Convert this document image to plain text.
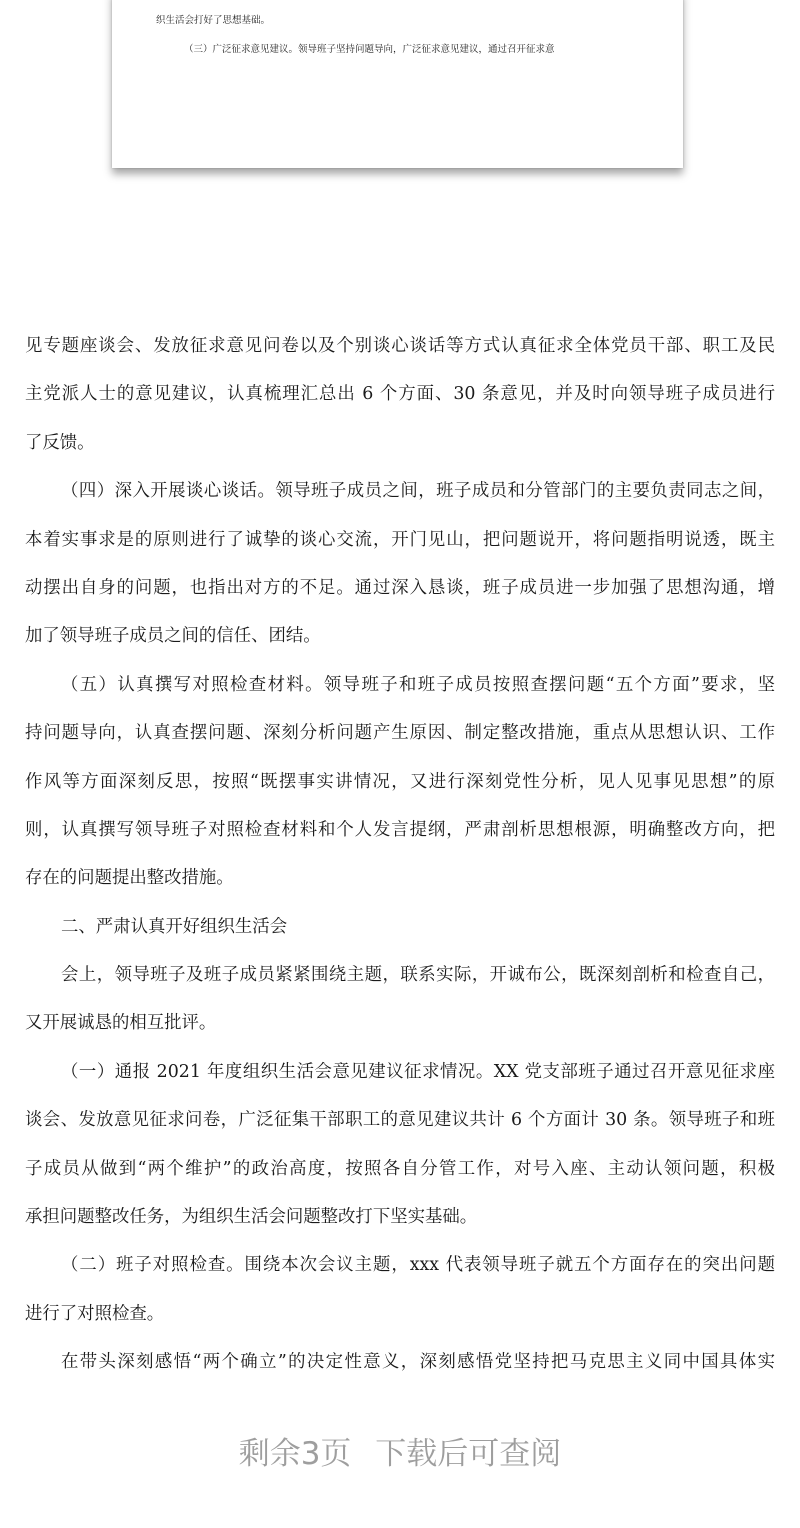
织生活会打好了思想基础。
（三）广泛征求意见建议。领导班子坚持问题导向，广泛征求意见建议，通过召开征求意
见专题座谈会、发放征求意见问卷以及个别谈心谈话等方式认真征求全体党员干部、职工及民
主党派人士的意见建议，认真梳理汇总出 6 个方面、30 条意见，并及时向领导班子成员进行
了反馈。
（四）深入开展谈心谈话。领导班子成员之间，班子成员和分管部门的主要负责同志之间，
本着实事求是的原则进行了诚挚的谈心交流，开门见山，把问题说开，将问题指明说透，既主
动摆出自身的问题，也指出对方的不足。通过深入恳谈，班子成员进一步加强了思想沟通，增
加了领导班子成员之间的信任、团结。
（五）认真撰写对照检查材料。领导班子和班子成员按照查摆问题“五个方面”要求，坚
持问题导向，认真查摆问题、深刻分析问题产生原因、制定整改措施，重点从思想认识、工作
作风等方面深刻反思，按照“既摆事实讲情况，又进行深刻党性分析，见人见事见思想”的原
则，认真撰写领导班子对照检查材料和个人发言提纲，严肃剖析思想根源，明确整改方向，把
存在的问题提出整改措施。
二、严肃认真开好组织生活会
会上，领导班子及班子成员紧紧围绕主题，联系实际，开诚布公，既深刻剖析和检查自己，
又开展诚恳的相互批评。
（一）通报 2021 年度组织生活会意见建议征求情况。XX 党支部班子通过召开意见征求座
谈会、发放意见征求问卷，广泛征集干部职工的意见建议共计 6 个方面计 30 条。领导班子和班
子成员从做到“两个维护”的政治高度，按照各自分管工作，对号入座、主动认领问题，积极
承担问题整改任务，为组织生活会问题整改打下坚实基础。
（二）班子对照检查。围绕本次会议主题，xxx 代表领导班子就五个方面存在的突出问题
进行了对照检查。
在带头深刻感悟“两个确立”的决定性意义，深刻感悟党坚持把马克思主义同中国具体实
剩余3页 下载后可查阅
